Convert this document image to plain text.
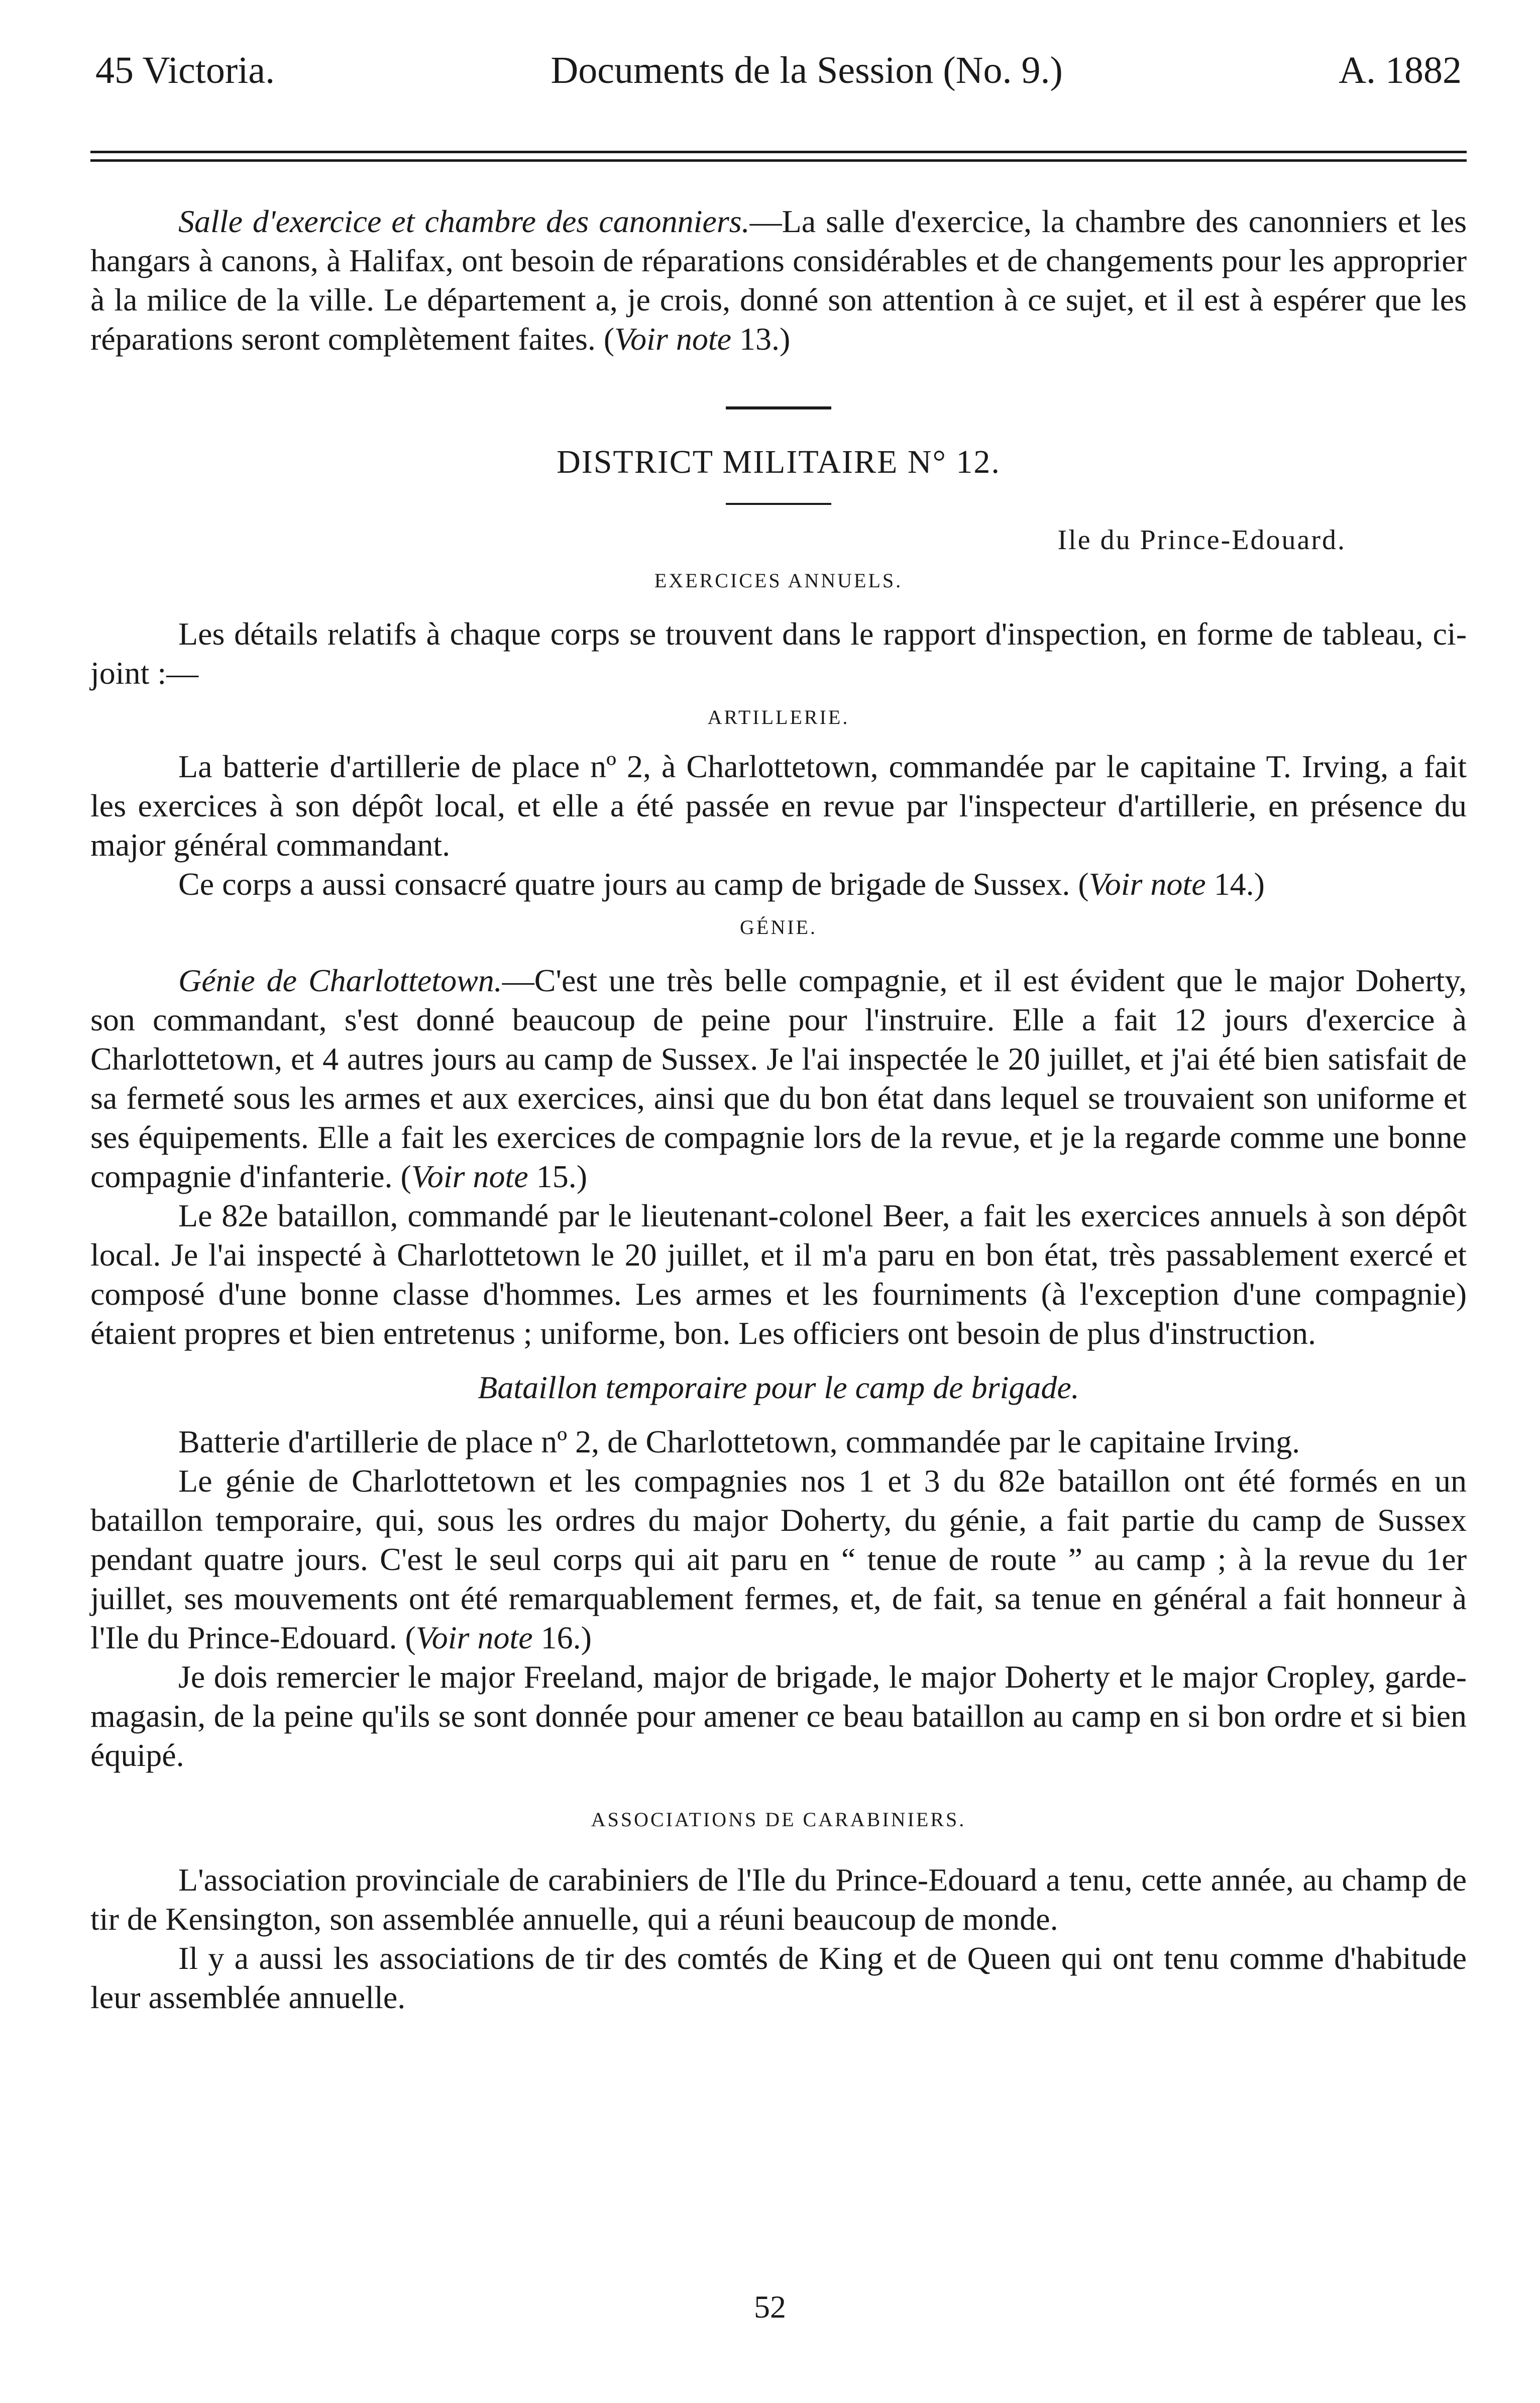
45 Victoria.	Documents de la Session (No. 9.)	A. 1882

Salle d'exercice et chambre des canonniers.—La salle d'exercice, la chambre des canonniers et les hangars à canons, à Halifax, ont besoin de réparations considérables et de changements pour les approprier à la milice de la ville. Le département a, je crois, donné son attention à ce sujet, et il est à espérer que les réparations seront complètement faites. (Voir note 13.)

DISTRICT MILITAIRE N° 12.
Ile du Prince-Edouard.

EXERCICES ANNUELS.

Les détails relatifs à chaque corps se trouvent dans le rapport d'inspection, en forme de tableau, ci-joint :—

ARTILLERIE.

La batterie d'artillerie de place nº 2, à Charlottetown, commandée par le capitaine T. Irving, a fait les exercices à son dépôt local, et elle a été passée en revue par l'inspecteur d'artillerie, en présence du major général commandant.

Ce corps a aussi consacré quatre jours au camp de brigade de Sussex. (Voir note 14.)

GÉNIE.

Génie de Charlottetown.—C'est une très belle compagnie, et il est évident que le major Doherty, son commandant, s'est donné beaucoup de peine pour l'instruire. Elle a fait 12 jours d'exercice à Charlottetown, et 4 autres jours au camp de Sussex. Je l'ai inspectée le 20 juillet, et j'ai été bien satisfait de sa fermeté sous les armes et aux exercices, ainsi que du bon état dans lequel se trouvaient son uniforme et ses équipements. Elle a fait les exercices de compagnie lors de la revue, et je la regarde comme une bonne compagnie d'infanterie. (Voir note 15.)

Le 82e bataillon, commandé par le lieutenant-colonel Beer, a fait les exercices annuels à son dépôt local. Je l'ai inspecté à Charlottetown le 20 juillet, et il m'a paru en bon état, très passablement exercé et composé d'une bonne classe d'hommes. Les armes et les fourniments (à l'exception d'une compagnie) étaient propres et bien entretenus ; uniforme, bon. Les officiers ont besoin de plus d'instruction.

Bataillon temporaire pour le camp de brigade.

Batterie d'artillerie de place nº 2, de Charlottetown, commandée par le capitaine Irving.

Le génie de Charlottetown et les compagnies nos 1 et 3 du 82e bataillon ont été formés en un bataillon temporaire, qui, sous les ordres du major Doherty, du génie, a fait partie du camp de Sussex pendant quatre jours. C'est le seul corps qui ait paru en “ tenue de route ” au camp ; à la revue du 1er juillet, ses mouvements ont été remarquablement fermes, et, de fait, sa tenue en général a fait honneur à l'Ile du Prince-Edouard. (Voir note 16.)

Je dois remercier le major Freeland, major de brigade, le major Doherty et le major Cropley, garde-magasin, de la peine qu'ils se sont donnée pour amener ce beau bataillon au camp en si bon ordre et si bien équipé.

ASSOCIATIONS DE CARABINIERS.

L'association provinciale de carabiniers de l'Ile du Prince-Edouard a tenu, cette année, au champ de tir de Kensington, son assemblée annuelle, qui a réuni beaucoup de monde.

Il y a aussi les associations de tir des comtés de King et de Queen qui ont tenu comme d'habitude leur assemblée annuelle.

52
